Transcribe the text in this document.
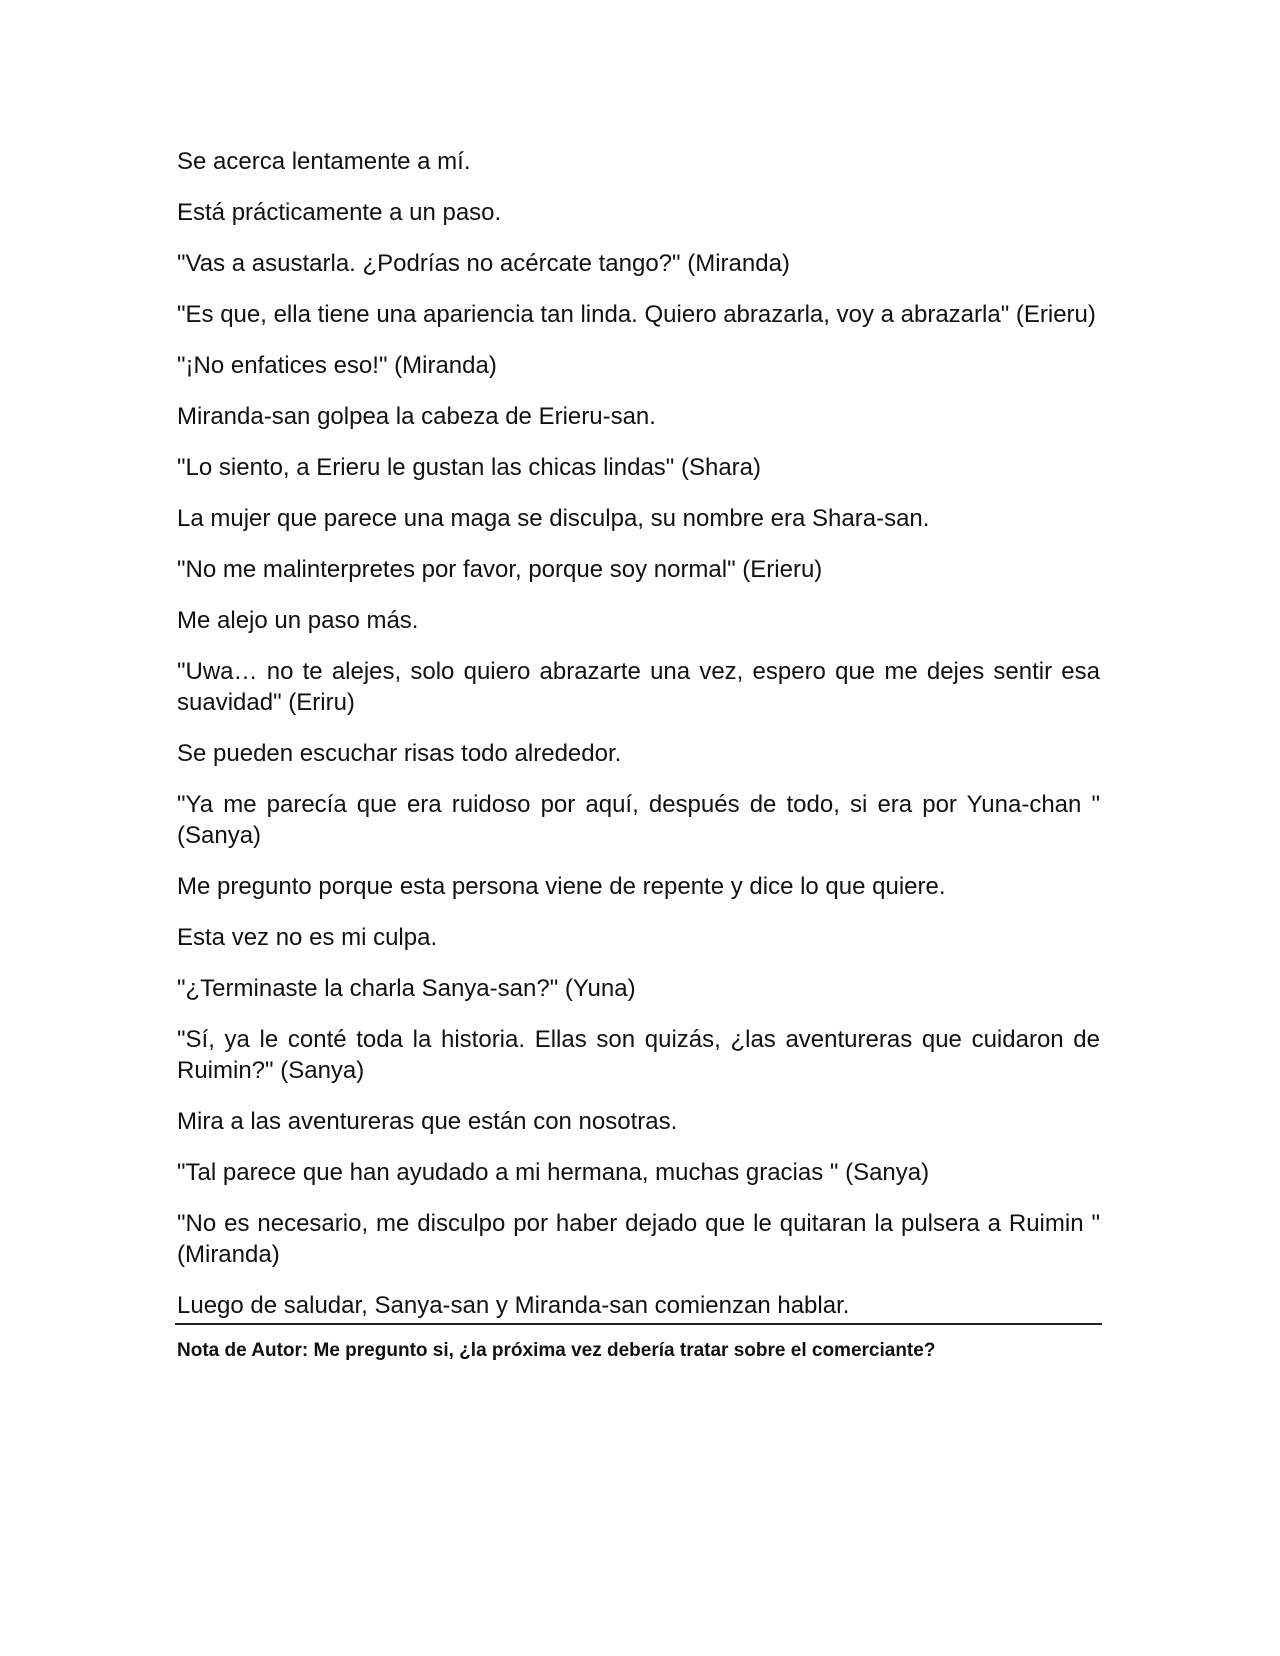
Se acerca lentamente a mí.

Está prácticamente a un paso.

"Vas a asustarla. ¿Podrías no acércate tango?" (Miranda)

"Es que, ella tiene una apariencia tan linda. Quiero abrazarla, voy a abrazarla" (Erieru)

"¡No enfatices eso!" (Miranda)

Miranda-san golpea la cabeza de Erieru-san.

"Lo siento, a Erieru le gustan las chicas lindas" (Shara)

La mujer que parece una maga se disculpa, su nombre era Shara-san.

"No me malinterpretes por favor, porque soy normal" (Erieru)

Me alejo un paso más.

"Uwa… no te alejes, solo quiero abrazarte una vez, espero que me dejes sentir esa suavidad" (Eriru)

Se pueden escuchar risas todo alrededor.

"Ya me parecía que era ruidoso por aquí, después de todo, si era por Yuna-chan " (Sanya)

Me pregunto porque esta persona viene de repente y dice lo que quiere.

Esta vez no es mi culpa.

"¿Terminaste la charla Sanya-san?" (Yuna)

"Sí, ya le conté toda la historia. Ellas son quizás, ¿las aventureras que cuidaron de Ruimin?" (Sanya)

Mira a las aventureras que están con nosotras.

"Tal parece que han ayudado a mi hermana, muchas gracias " (Sanya)

"No es necesario, me disculpo por haber dejado que le quitaran la pulsera a Ruimin " (Miranda)

Luego de saludar, Sanya-san y Miranda-san comienzan hablar.

Nota de Autor: Me pregunto si, ¿la próxima vez debería tratar sobre el comerciante?
